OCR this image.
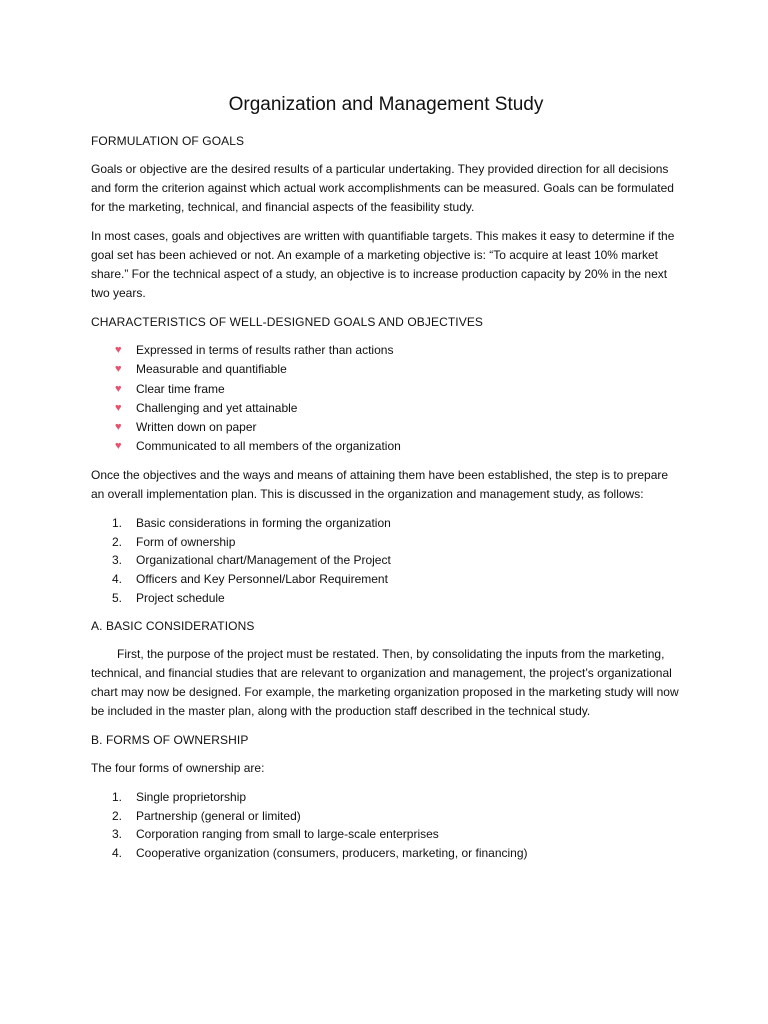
Organization and Management Study
FORMULATION OF GOALS

Goals or objective are the desired results of a particular undertaking. They provided direction for all decisions and form the criterion against which actual work accomplishments can be measured. Goals can be formulated for the marketing, technical, and financial aspects of the feasibility study.

In most cases, goals and objectives are written with quantifiable targets. This makes it easy to determine if the goal set has been achieved or not. An example of a marketing objective is: “To acquire at least 10% market share.” For the technical aspect of a study, an objective is to increase production capacity by 20% in the next two years.

CHARACTERISTICS OF WELL-DESIGNED GOALS AND OBJECTIVES
♥ Expressed in terms of results rather than actions
♥ Measurable and quantifiable
♥ Clear time frame
♥ Challenging and yet attainable
♥ Written down on paper
♥ Communicated to all members of the organization

Once the objectives and the ways and means of attaining them have been established, the step is to prepare an overall implementation plan. This is discussed in the organization and management study, as follows:

1. Basic considerations in forming the organization
2. Form of ownership
3. Organizational chart/Management of the Project
4. Officers and Key Personnel/Labor Requirement
5. Project schedule
A. BASIC CONSIDERATIONS

First, the purpose of the project must be restated. Then, by consolidating the inputs from the marketing, technical, and financial studies that are relevant to organization and management, the project’s organizational chart may now be designed. For example, the marketing organization proposed in the marketing study will now be included in the master plan, along with the production staff described in the technical study.

B. FORMS OF OWNERSHIP

The four forms of ownership are:

1. Single proprietorship
2. Partnership (general or limited)
3. Corporation ranging from small to large-scale enterprises
4. Cooperative organization (consumers, producers, marketing, or financing)
